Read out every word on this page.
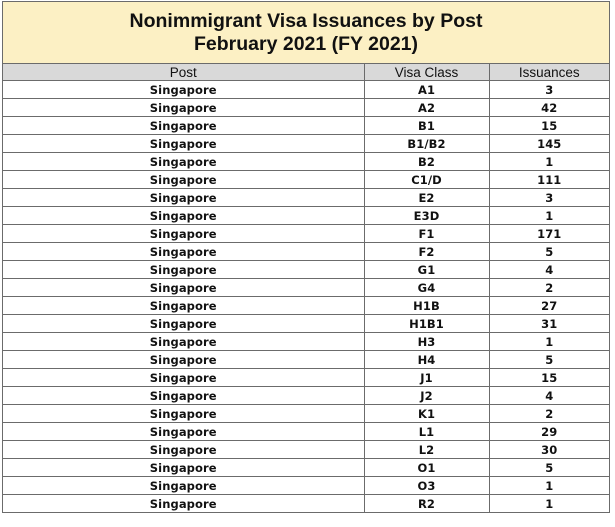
Nonimmigrant Visa Issuances by Post
February 2021 (FY 2021)
Post	Visa Class	Issuances
Singapore	A1	3
Singapore	A2	42
Singapore	B1	15
Singapore	B1/B2	145
Singapore	B2	1
Singapore	C1/D	111
Singapore	E2	3
Singapore	E3D	1
Singapore	F1	171
Singapore	F2	5
Singapore	G1	4
Singapore	G4	2
Singapore	H1B	27
Singapore	H1B1	31
Singapore	H3	1
Singapore	H4	5
Singapore	J1	15
Singapore	J2	4
Singapore	K1	2
Singapore	L1	29
Singapore	L2	30
Singapore	O1	5
Singapore	O3	1
Singapore	R2	1
